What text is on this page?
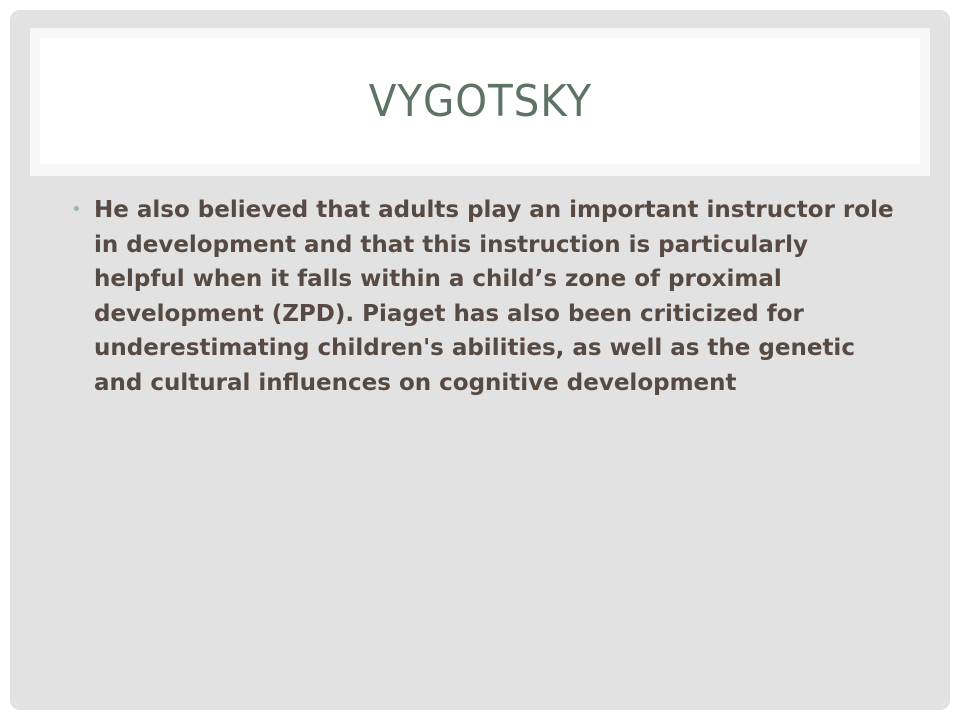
VYGOTSKY
• He also believed that adults play an important instructor role in development and that this instruction is particularly helpful when it falls within a child’s zone of proximal development (ZPD). Piaget has also been criticized for underestimating children's abilities, as well as the genetic and cultural influences on cognitive development
